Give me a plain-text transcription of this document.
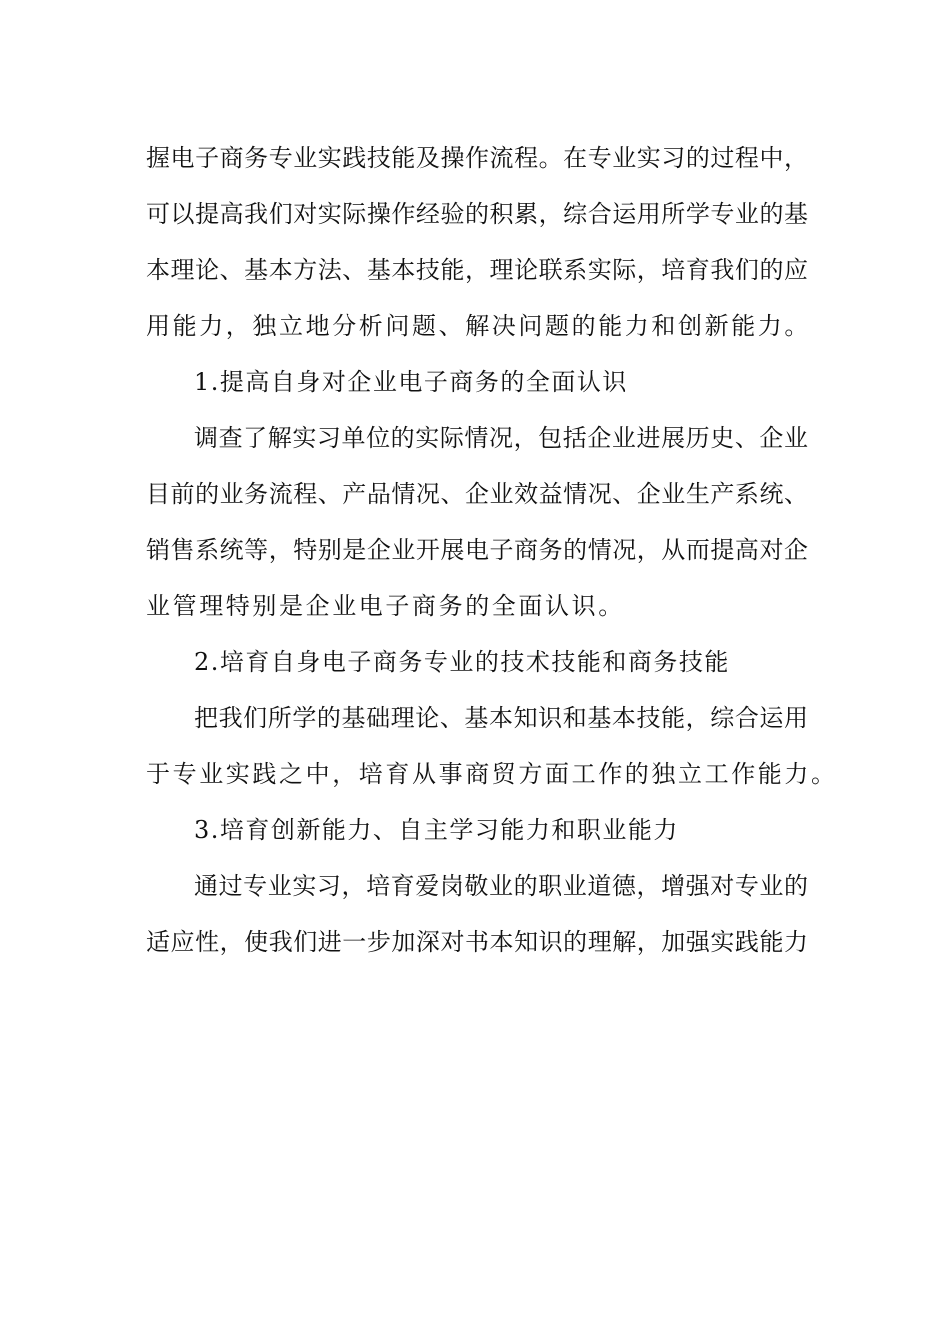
握电子商务专业实践技能及操作流程。在专业实习的过程中，

可以提高我们对实际操作经验的积累，综合运用所学专业的基

本理论、基本方法、基本技能，理论联系实际，培育我们的应

用能力，独立地分析问题、解决问题的能力和创新能力。

1.提高自身对企业电子商务的全面认识

调查了解实习单位的实际情况，包括企业进展历史、企业

目前的业务流程、产品情况、企业效益情况、企业生产系统、

销售系统等，特别是企业开展电子商务的情况，从而提高对企

业管理特别是企业电子商务的全面认识。

2.培育自身电子商务专业的技术技能和商务技能

把我们所学的基础理论、基本知识和基本技能，综合运用

于专业实践之中，培育从事商贸方面工作的独立工作能力。

3.培育创新能力、自主学习能力和职业能力

通过专业实习，培育爱岗敬业的职业道德，增强对专业的

适应性，使我们进一步加深对书本知识的理解，加强实践能力
